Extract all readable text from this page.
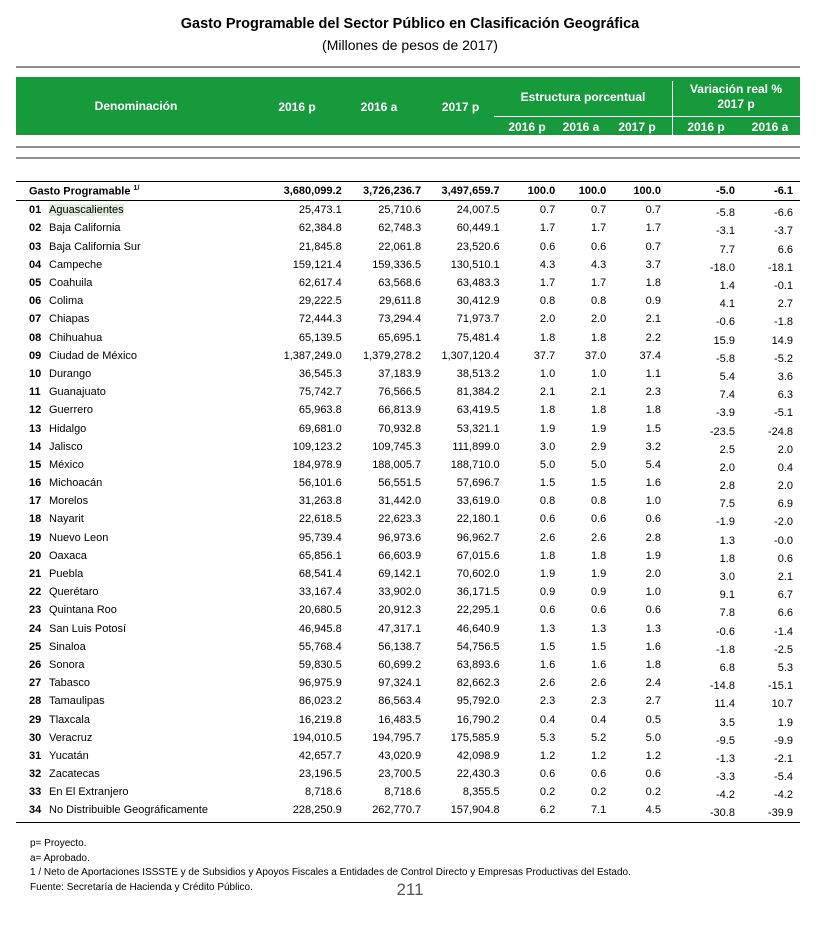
Gasto Programable del Sector Público en Clasificación Geográfica
(Millones de pesos de 2017)
Denominación	2016 p	2016 a	2017 p
Estructura porcentual
Variación real %
2017 p
2016 p	2016 a	2017 p	2016 p	2016 a
Gasto Programable $^{1/}$	3,680,099.2	3,726,236.7	3,497,659.7	100.0	100.0	100.0	-5.0	-6.1
01 Aguascalientes	25,473.1	25,710.6	24,007.5	0.7	0.7	0.7	-5.8	-6.6
02 Baja California	62,384.8	62,748.3	60,449.1	1.7	1.7	1.7	-3.1	-3.7
03 Baja California Sur	21,845.8	22,061.8	23,520.6	0.6	0.6	0.7	7.7	6.6
04 Campeche	159,121.4	159,336.5	130,510.1	4.3	4.3	3.7	-18.0	-18.1
05 Coahuila	62,617.4	63,568.6	63,483.3	1.7	1.7	1.8	1.4	-0.1
06 Colima	29,222.5	29,611.8	30,412.9	0.8	0.8	0.9	4.1	2.7
07 Chiapas	72,444.3	73,294.4	71,973.7	2.0	2.0	2.1	-0.6	-1.8
08 Chihuahua	65,139.5	65,695.1	75,481.4	1.8	1.8	2.2	15.9	14.9
09 Ciudad de México	1,387,249.0	1,379,278.2	1,307,120.4	37.7	37.0	37.4	-5.8	-5.2
10 Durango	36,545.3	37,183.9	38,513.2	1.0	1.0	1.1	5.4	3.6
11 Guanajuato	75,742.7	76,566.5	81,384.2	2.1	2.1	2.3	7.4	6.3
12 Guerrero	65,963.8	66,813.9	63,419.5	1.8	1.8	1.8	-3.9	-5.1
13 Hidalgo	69,681.0	70,932.8	53,321.1	1.9	1.9	1.5	-23.5	-24.8
14 Jalisco	109,123.2	109,745.3	111,899.0	3.0	2.9	3.2	2.5	2.0
15 México	184,978.9	188,005.7	188,710.0	5.0	5.0	5.4	2.0	0.4
16 Michoacán	56,101.6	56,551.5	57,696.7	1.5	1.5	1.6	2.8	2.0
17 Morelos	31,263.8	31,442.0	33,619.0	0.8	0.8	1.0	7.5	6.9
18 Nayarit	22,618.5	22,623.3	22,180.1	0.6	0.6	0.6	-1.9	-2.0
19 Nuevo Leon	95,739.4	96,973.6	96,962.7	2.6	2.6	2.8	1.3	-0.0
20 Oaxaca	65,856.1	66,603.9	67,015.6	1.8	1.8	1.9	1.8	0.6
21 Puebla	68,541.4	69,142.1	70,602.0	1.9	1.9	2.0	3.0	2.1
22 Querétaro	33,167.4	33,902.0	36,171.5	0.9	0.9	1.0	9.1	6.7
23 Quintana Roo	20,680.5	20,912.3	22,295.1	0.6	0.6	0.6	7.8	6.6
24 San Luis Potosí	46,945.8	47,317.1	46,640.9	1.3	1.3	1.3	-0.6	-1.4
25 Sinaloa	55,768.4	56,138.7	54,756.5	1.5	1.5	1.6	-1.8	-2.5
26 Sonora	59,830.5	60,699.2	63,893.6	1.6	1.6	1.8	6.8	5.3
27 Tabasco	96,975.9	97,324.1	82,662.3	2.6	2.6	2.4	-14.8	-15.1
28 Tamaulipas	86,023.2	86,563.4	95,792.0	2.3	2.3	2.7	11.4	10.7
29 Tlaxcala	16,219.8	16,483.5	16,790.2	0.4	0.4	0.5	3.5	1.9
30 Veracruz	194,010.5	194,795.7	175,585.9	5.3	5.2	5.0	-9.5	-9.9
31 Yucatán	42,657.7	43,020.9	42,098.9	1.2	1.2	1.2	-1.3	-2.1
32 Zacatecas	23,196.5	23,700.5	22,430.3	0.6	0.6	0.6	-3.3	-5.4
33 En El Extranjero	8,718.6	8,718.6	8,355.5	0.2	0.2	0.2	-4.2	-4.2
34 No Distribuible Geográficamente	228,250.9	262,770.7	157,904.8	6.2	7.1	4.5	-30.8	-39.9
p= Proyecto.
a= Aprobado.
1 / Neto de Aportaciones ISSSTE y de Subsidios y Apoyos Fiscales a Entidades de Control Directo y Empresas Productivas del Estado.
Fuente: Secretaría de Hacienda y Crédito Público.	211
